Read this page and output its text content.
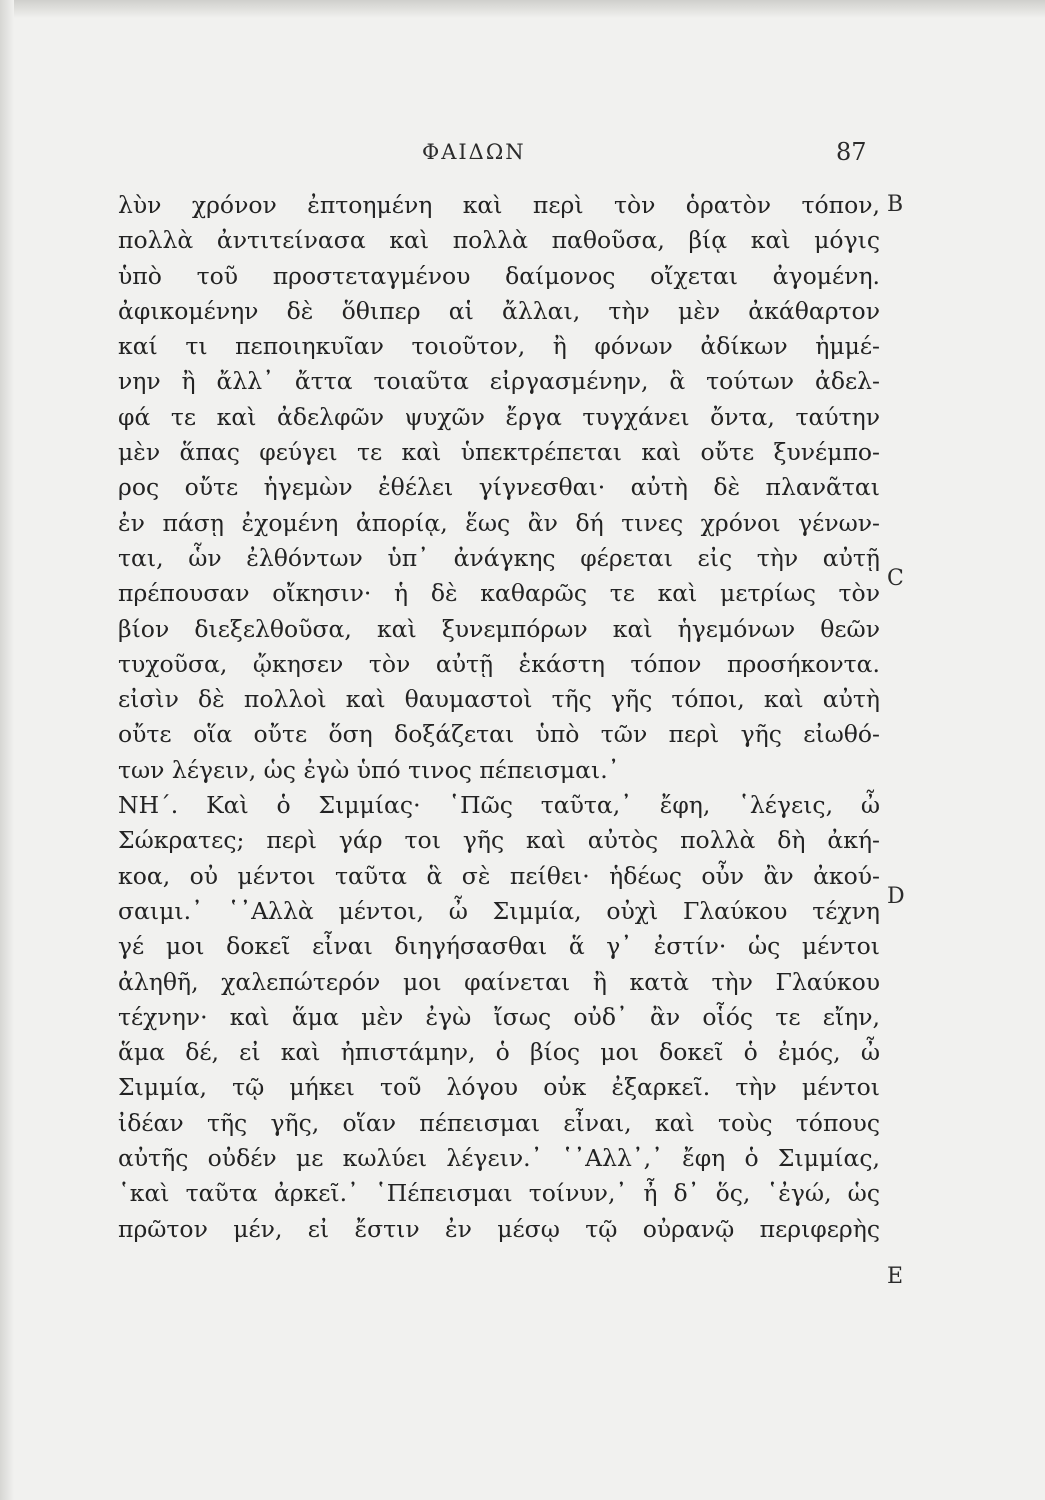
ΦΑΙΔΩΝ	87
λὺν χρόνον ἐπτοημένη καὶ περὶ τὸν ὁρατὸν τόπον,
πολλὰ ἀντιτείνασα καὶ πολλὰ παθοῦσα, βίᾳ καὶ μόγις
ὑπὸ τοῦ προστεταγμένου δαίμονος οἴχεται ἀγομένη.
ἀφικομένην δὲ ὅθιπερ αἱ ἄλλαι, τὴν μὲν ἀκάθαρτον
καί τι πεποιηκυῖαν τοιοῦτον, ἢ φόνων ἀδίκων ἡμμέ-
νην ἢ ἄλλ᾽ ἄττα τοιαῦτα εἰργασμένην, ἃ τούτων ἀδελ-
φά τε καὶ ἀδελφῶν ψυχῶν ἔργα τυγχάνει ὄντα, ταύτην
μὲν ἅπας φεύγει τε καὶ ὑπεκτρέπεται καὶ οὔτε ξυνέμπο-
ρος οὔτε ἡγεμὼν ἐθέλει γίγνεσθαι· αὐτὴ δὲ πλανᾶται
ἐν πάσῃ ἐχομένη ἀπορίᾳ, ἕως ἂν δή τινες χρόνοι γένων-
ται, ὧν ἐλθόντων ὑπ᾽ ἀνάγκης φέρεται εἰς τὴν αὐτῇ
πρέπουσαν οἴκησιν· ἡ δὲ καθαρῶς τε καὶ μετρίως τὸν
βίον διεξελθοῦσα, καὶ ξυνεμπόρων καὶ ἡγεμόνων θεῶν
τυχοῦσα, ᾤκησεν τὸν αὐτῇ ἑκάστη τόπον προσήκοντα.
εἰσὶν δὲ πολλοὶ καὶ θαυμαστοὶ τῆς γῆς τόποι, καὶ αὐτὴ
οὔτε οἵα οὔτε ὅση δοξάζεται ὑπὸ τῶν περὶ γῆς εἰωθό-
των λέγειν, ὡς ἐγὼ ὑπό τινος πέπεισμαι.᾽
ΝΗ΄. Καὶ ὁ Σιμμίας· ῾Πῶς ταῦτα,᾽ ἔφη, ῾λέγεις, ὦ
Σώκρατες; περὶ γάρ τοι γῆς καὶ αὐτὸς πολλὰ δὴ ἀκή-
κοα, οὐ μέντοι ταῦτα ἃ σὲ πείθει· ἡδέως οὖν ἂν ἀκού-
σαιμι.᾽ ῾᾽Αλλὰ μέντοι, ὦ Σιμμία, οὐχὶ Γλαύκου τέχνη
γέ μοι δοκεῖ εἶναι διηγήσασθαι ἅ γ᾽ ἐστίν· ὡς μέντοι
ἀληθῆ, χαλεπώτερόν μοι φαίνεται ἢ κατὰ τὴν Γλαύκου
τέχνην· καὶ ἅμα μὲν ἐγὼ ἴσως οὐδ᾽ ἂν οἷός τε εἴην,
ἅμα δέ, εἰ καὶ ἠπιστάμην, ὁ βίος μοι δοκεῖ ὁ ἐμός, ὦ
Σιμμία, τῷ μήκει τοῦ λόγου οὐκ ἐξαρκεῖ. τὴν μέντοι
ἰδέαν τῆς γῆς, οἵαν πέπεισμαι εἶναι, καὶ τοὺς τόπους
αὐτῆς οὐδέν με κωλύει λέγειν.᾽ ῾᾽Αλλ᾽,᾽ ἔφη ὁ Σιμμίας,
῾καὶ ταῦτα ἀρκεῖ.᾽ ῾Πέπεισμαι τοίνυν,᾽ ἦ δ᾽ ὅς, ῾ἐγώ, ὡς
πρῶτον μέν, εἰ ἔστιν ἐν μέσῳ τῷ οὐρανῷ περιφερὴς
B
C
D
E
